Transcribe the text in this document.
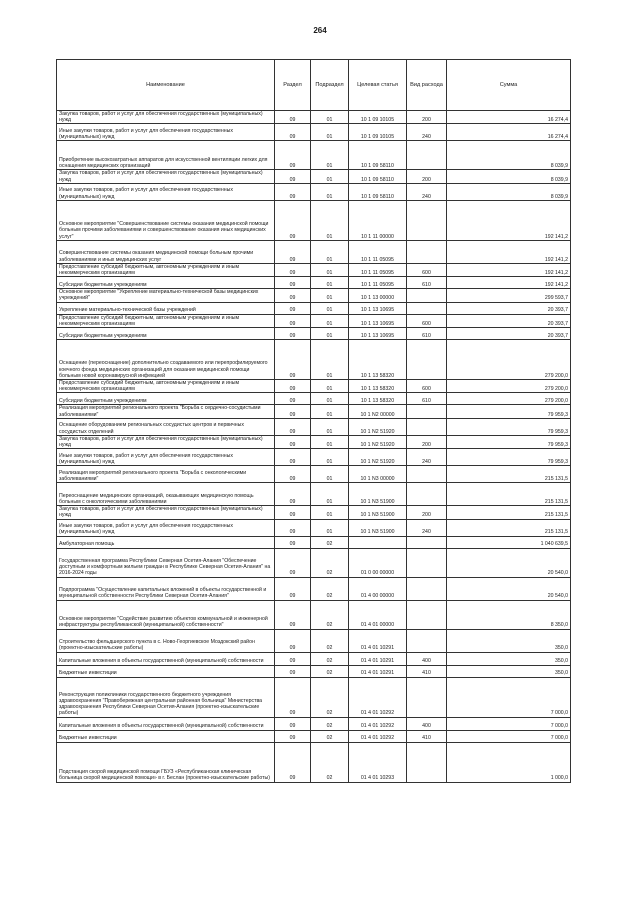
264
Наименование	Раздел	Подраздел	Целевая статья	Вид расхода	Сумма
Закупка товаров, работ и услуг для обеспечения государственных (муниципальных) нужд	09	01	10 1 09 10105	200	16 274,4
Иные закупки товаров, работ и услуг для обеспечения государственных (муниципальных) нужд	09	01	10 1 09 10105	240	16 274,4
Приобретение высокозатратных аппаратов для искусственной вентиляции легких для оснащения медицинских организаций	09	01	10 1 09 58110		8 039,9
Закупка товаров, работ и услуг для обеспечения государственных (муниципальных) нужд	09	01	10 1 09 58110	200	8 039,9
Иные закупки товаров, работ и услуг для обеспечения государственных (муниципальных) нужд	09	01	10 1 09 58110	240	8 039,9
Основное мероприятие "Совершенствование системы оказания медицинской помощи больным прочими заболеваниями и совершенствование оказания иных медицинских услуг"	09	01	10 1 11 00000		192 141,2
Совершенствование системы оказания медицинской помощи больным прочими заболеваниями и иных медицинских услуг	09	01	10 1 11 05095		192 141,2
Предоставление субсидий бюджетным, автономным учреждениям и иным некоммерческим организациям	09	01	10 1 11 05095	600	192 141,2
Субсидии бюджетным учреждениям	09	01	10 1 11 05095	610	192 141,2
Основное мероприятие "Укрепление материально-технической базы медицинских учреждений"	09	01	10 1 13 00000		299 593,7
Укрепление материально-технической базы учреждений	09	01	10 1 13 10695		20 393,7
Предоставление субсидий бюджетным, автономным учреждениям и иным некоммерческим организациям	09	01	10 1 13 10695	600	20 393,7
Субсидии бюджетным учреждениям	09	01	10 1 13 10695	610	20 393,7
Оснащение (переоснащение) дополнительно создаваемого или перепрофилируемого коечного фонда медицинских организаций для оказания медицинской помощи больным новой коронавирусной инфекцией	09	01	10 1 13 58320		279 200,0
Предоставление субсидий бюджетным, автономным учреждениям и иным некоммерческим организациям	09	01	10 1 13 58320	600	279 200,0
Субсидии бюджетным учреждениям	09	01	10 1 13 58320	610	279 200,0
Реализация мероприятий регионального проекта "Борьба с сердечно-сосудистыми заболеваниями"	09	01	10 1 N2 00000		79 959,3
Оснащение оборудованием региональных сосудистых центров и первичных сосудистых отделений	09	01	10 1 N2 51920		79 959,3
Закупка товаров, работ и услуг для обеспечения государственных (муниципальных) нужд	09	01	10 1 N2 51920	200	79 959,3
Иные закупки товаров, работ и услуг для обеспечения государственных (муниципальных) нужд	09	01	10 1 N2 51920	240	79 959,3
Реализация мероприятий регионального проекта "Борьба с онкологическими заболеваниями"	09	01	10 1 N3 00000		215 131,5
Переоснащение медицинских организаций, оказывающих медицинскую помощь больным с онкологическими заболеваниями	09	01	10 1 N3 51900		215 131,5
Закупка товаров, работ и услуг для обеспечения государственных (муниципальных) нужд	09	01	10 1 N3 51900	200	215 131,5
Иные закупки товаров, работ и услуг для обеспечения государственных (муниципальных) нужд	09	01	10 1 N3 51900	240	215 131,5
Амбулаторная помощь	09	02			1 040 639,5
Государственная программа Республики Северная Осетия-Алания "Обеспечение доступным и комфортным жильем граждан в Республике Северная Осетия-Алания" на 2016-2024 годы	09	02	01 0 00 00000		20 540,0
Подпрограмма "Осуществление капитальных вложений в объекты государственной и муниципальной собственности Республики Северная Осетия-Алания"	09	02	01 4 00 00000		20 540,0
Основное мероприятие "Содействие развитию объектов коммунальной и инженерной инфраструктуры республиканской (муниципальной) собственности"	09	02	01 4 01 00000		8 350,0
Строительство фельдшерского пункта в с. Ново-Георгиевское Моздокский район (проектно-изыскательские работы)	09	02	01 4 01 10291		350,0
Капитальные вложения в объекты государственной (муниципальной) собственности	09	02	01 4 01 10291	400	350,0
Бюджетные инвестиции	09	02	01 4 01 10291	410	350,0
Реконструкция поликлиники государственного бюджетного учреждения здравоохранения "Правобережная центральная районная больница" Министерства здравоохранения Республики Северная Осетия-Алания (проектно-изыскательские работы)	09	02	01 4 01 10292		7 000,0
Капитальные вложения в объекты государственной (муниципальной) собственности	09	02	01 4 01 10292	400	7 000,0
Бюджетные инвестиции	09	02	01 4 01 10292	410	7 000,0
Подстанция скорой медицинской помощи ГБУЗ «Республиканская клиническая больница скорой медицинской помощи» в г. Беслан (проектно-изыскательские работы)	09	02	01 4 01 10293		1 000,0
